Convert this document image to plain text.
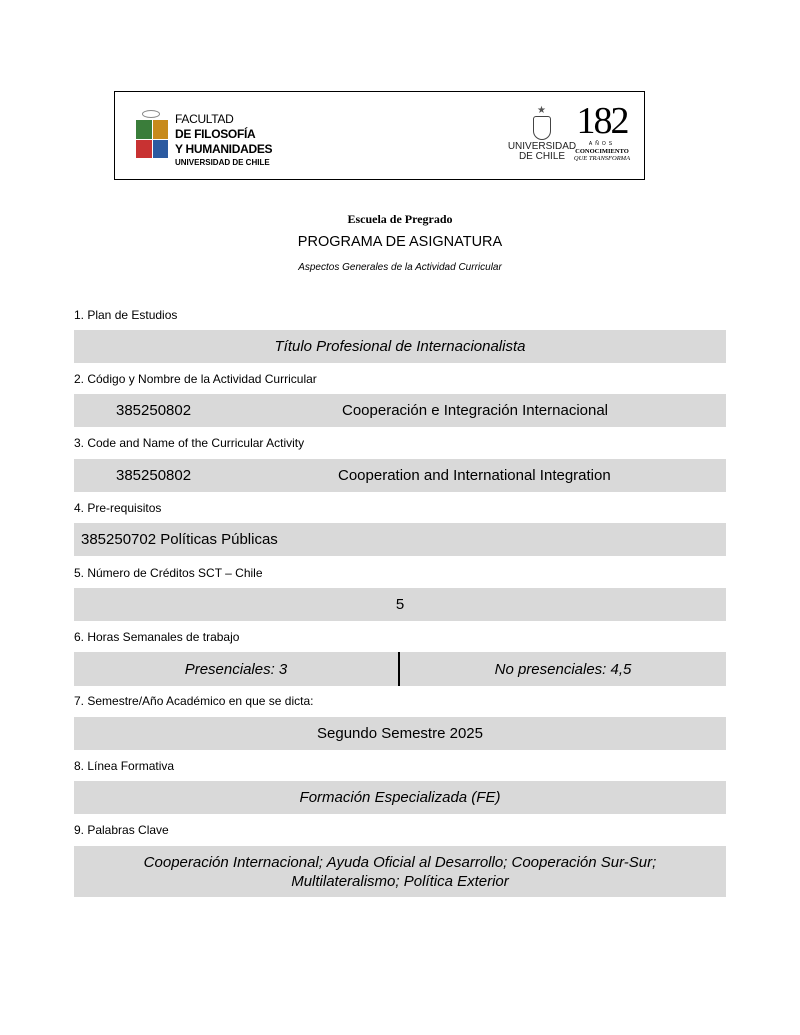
FACULTAD
DE FILOSOFÍA
Y HUMANIDADES
UNIVERSIDAD DE CHILE
★
UNIVERSIDAD
DE CHILE
182
AÑOS
CONOCIMIENTO
QUE TRANSFORMA
Escuela de Pregrado
PROGRAMA DE ASIGNATURA
Aspectos Generales de la Actividad Curricular
1. Plan de Estudios
Título Profesional de Internacionalista
2. Código y Nombre de la Actividad Curricular
385250802	Cooperación e Integración Internacional
3. Code and Name of the Curricular Activity
385250802	Cooperation and International Integration
4. Pre-requisitos
385250702 Políticas Públicas
5. Número de Créditos SCT – Chile
5
6. Horas Semanales de trabajo
Presenciales: 3	No presenciales: 4,5
7. Semestre/Año Académico en que se dicta:
Segundo Semestre 2025
8. Línea Formativa
Formación Especializada (FE)
9. Palabras Clave
Cooperación Internacional; Ayuda Oficial al Desarrollo; Cooperación Sur-Sur;
Multilateralismo; Política Exterior
